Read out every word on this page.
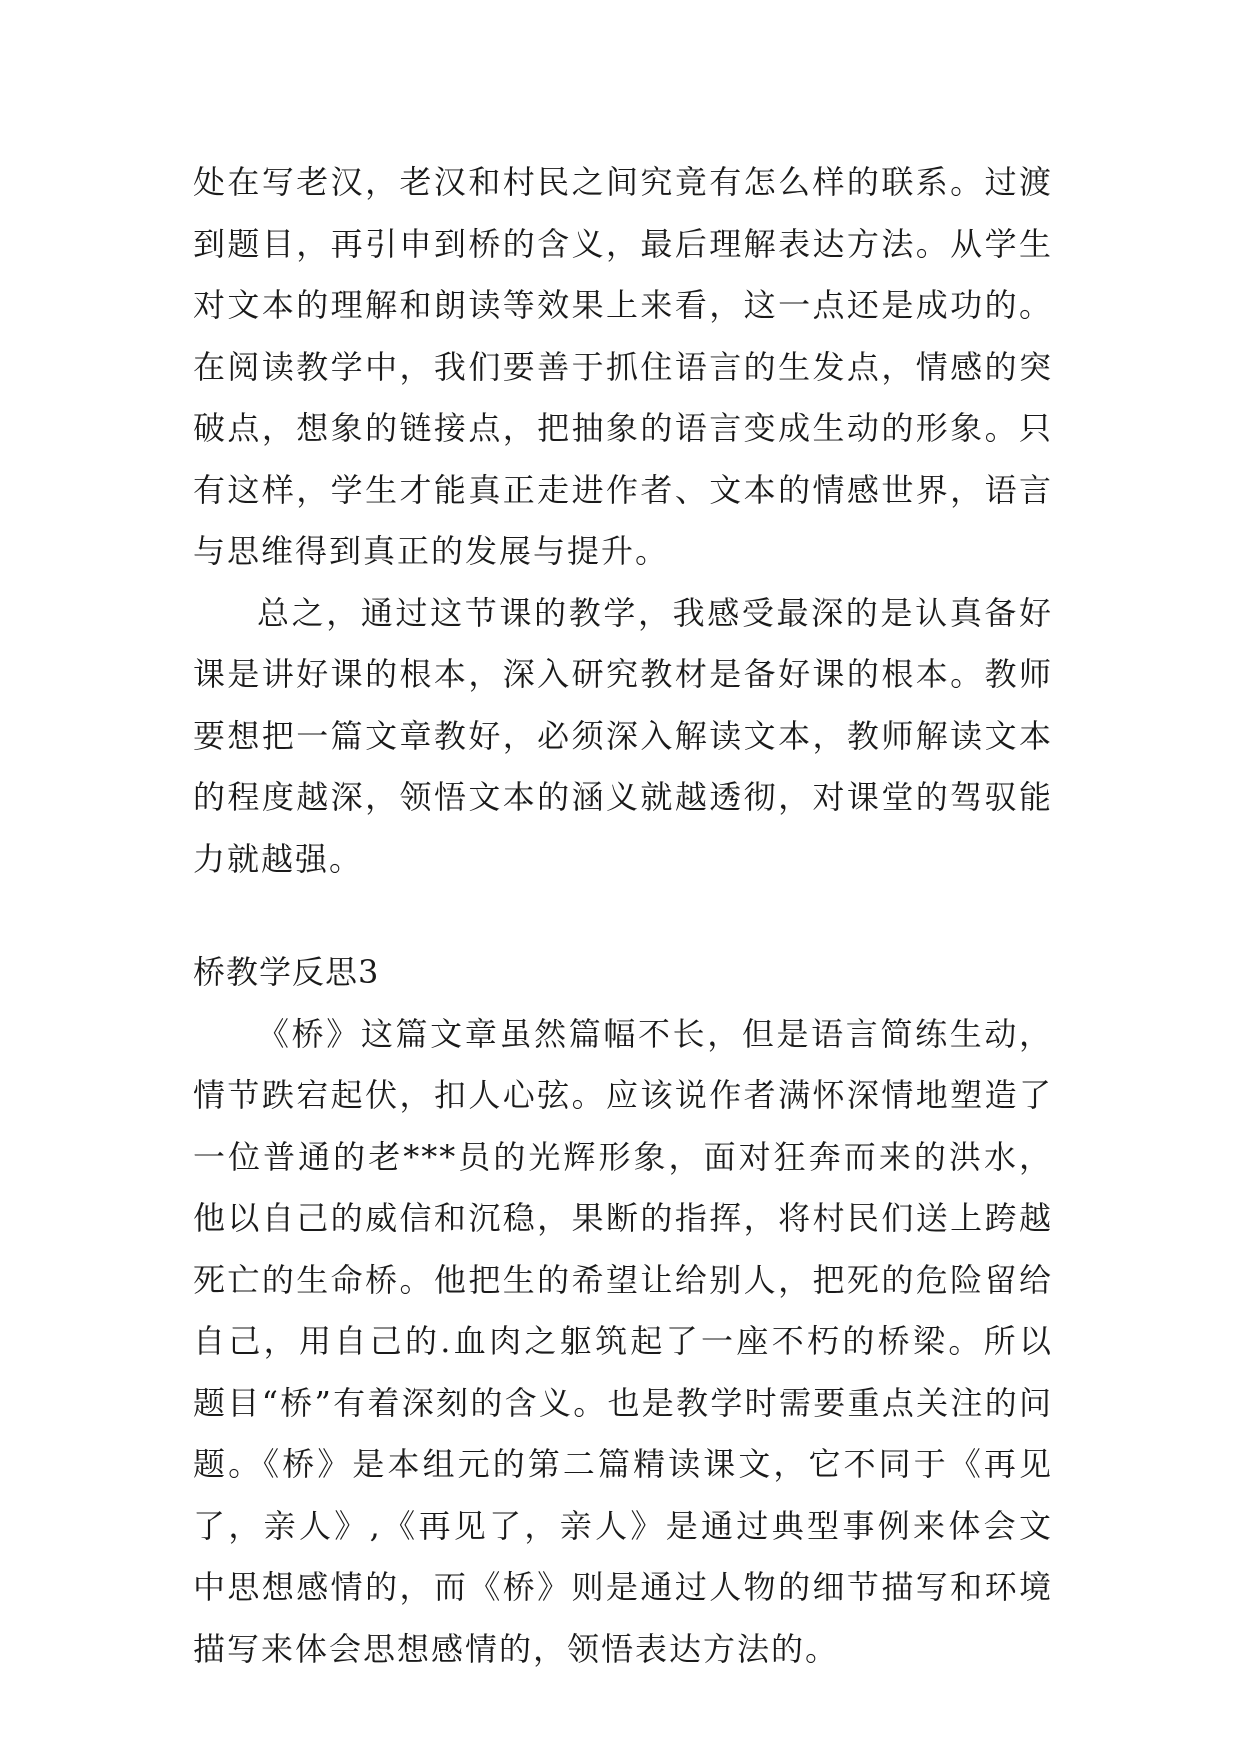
处在写老汉，老汉和村民之间究竟有怎么样的联系。过渡到题目，再引申到桥的含义，最后理解表达方法。从学生对文本的理解和朗读等效果上来看，这一点还是成功的。在阅读教学中，我们要善于抓住语言的生发点，情感的突破点，想象的链接点，把抽象的语言变成生动的形象。只有这样，学生才能真正走进作者、文本的情感世界，语言与思维得到真正的发展与提升。

总之，通过这节课的教学，我感受最深的是认真备好课是讲好课的根本，深入研究教材是备好课的根本。教师要想把一篇文章教好，必须深入解读文本，教师解读文本的程度越深，领悟文本的涵义就越透彻，对课堂的驾驭能力就越强。

桥教学反思3

《桥》这篇文章虽然篇幅不长，但是语言简练生动，情节跌宕起伏，扣人心弦。应该说作者满怀深情地塑造了一位普通的老***员的光辉形象，面对狂奔而来的洪水，他以自己的威信和沉稳，果断的指挥，将村民们送上跨越死亡的生命桥。他把生的希望让给别人，把死的危险留给自己，用自己的.血肉之躯筑起了一座不朽的桥梁。所以题目“桥”有着深刻的含义。也是教学时需要重点关注的问题。《桥》是本组元的第二篇精读课文，它不同于《再见了，亲人》,《再见了，亲人》是通过典型事例来体会文中思想感情的，而《桥》则是通过人物的细节描写和环境描写来体会思想感情的，领悟表达方法的。
